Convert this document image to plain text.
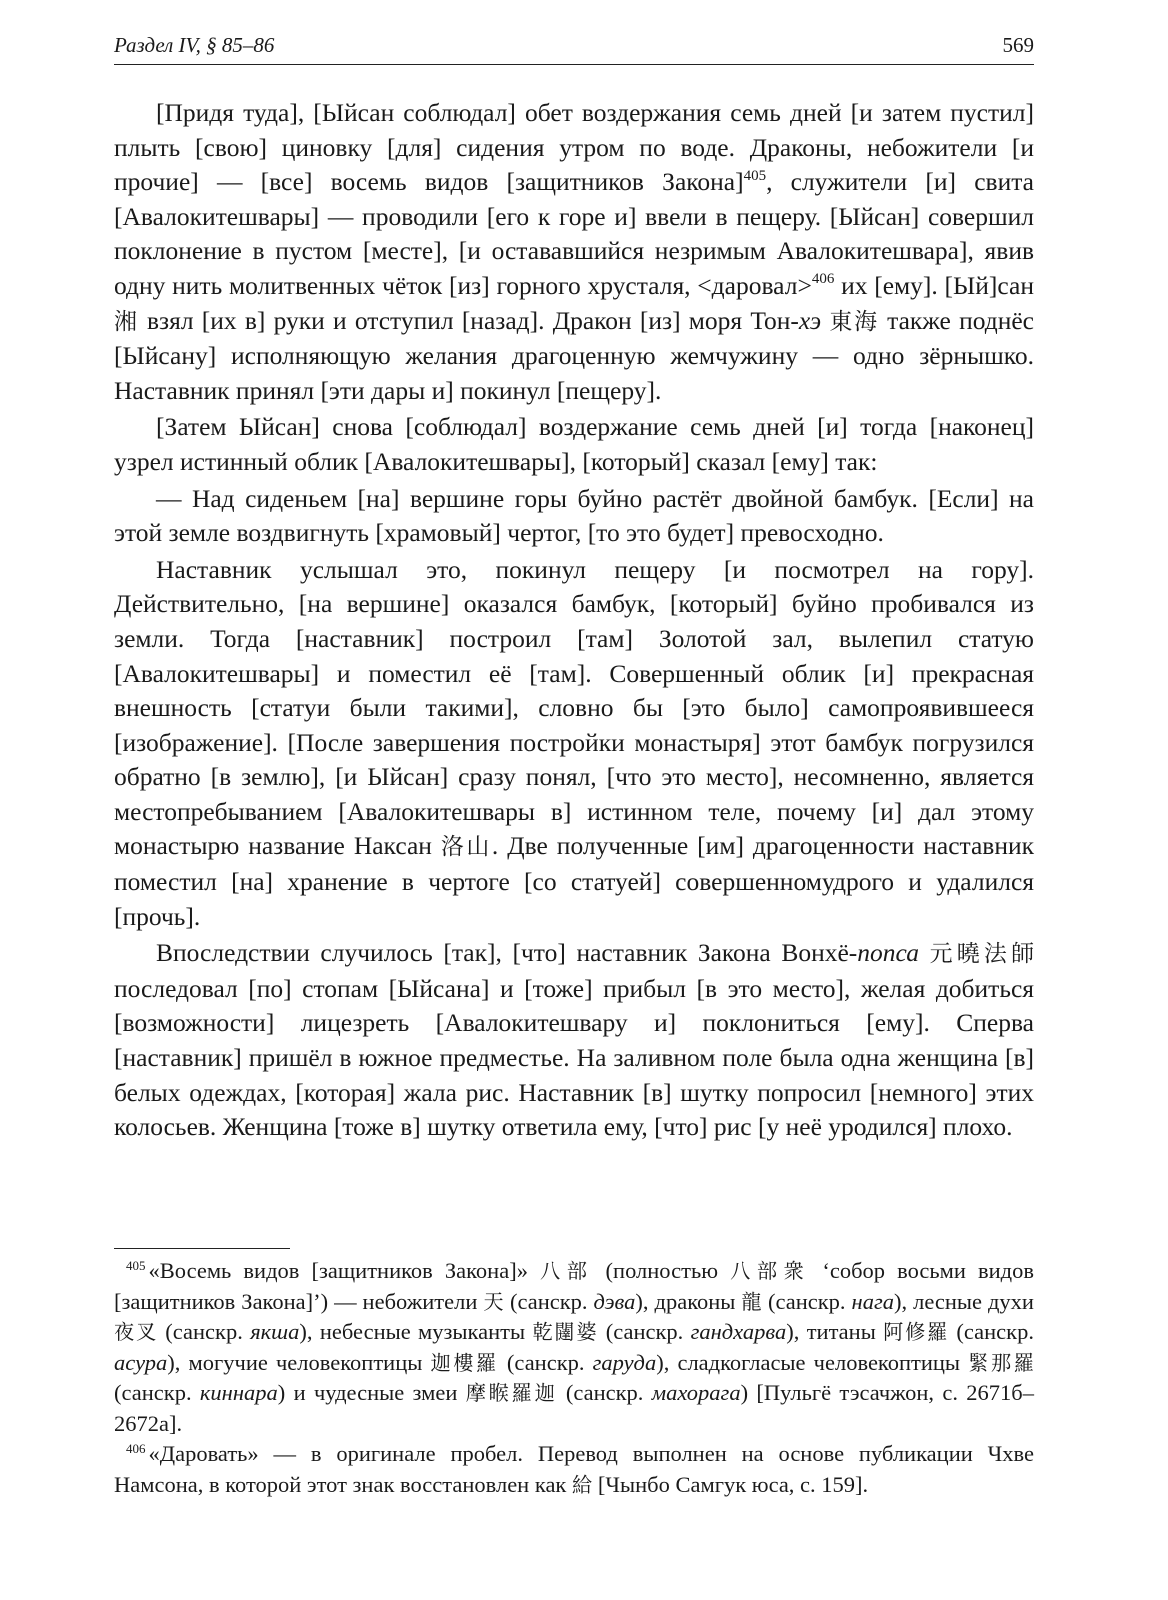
Раздел IV, § 85–86	569

[Придя туда], [Ыйсан соблюдал] обет воздержания семь дней [и затем пустил] плыть [свою] циновку [для] сидения утром по воде. Драконы, небожители [и прочие] — [все] восемь видов [защитников Закона]$^{405}$, служители [и] свита [Авалокитешвары] — проводили [его к горе и] ввели в пещеру. [Ыйсан] совершил поклонение в пустом [месте], [и остававшийся незримым Авалокитешвара], явив одну нить молитвенных чёток [из] горного хрусталя, <даровал>$^{406}$ их [ему]. [Ый]сан 湘 взял [их в] руки и отступил [назад]. Дракон [из] моря Тон-хэ 東海 также поднёс [Ыйсану] исполняющую желания драгоценную жемчужину — одно зёрнышко. Наставник принял [эти дары и] покинул [пещеру].

[Затем Ыйсан] снова [соблюдал] воздержание семь дней [и] тогда [наконец] узрел истинный облик [Авалокитешвары], [который] сказал [ему] так:

— Над сиденьем [на] вершине горы буйно растёт двойной бамбук. [Если] на этой земле воздвигнуть [храмовый] чертог, [то это будет] превосходно.

Наставник услышал это, покинул пещеру [и посмотрел на гору]. Действительно, [на вершине] оказался бамбук, [который] буйно пробивался из земли. Тогда [наставник] построил [там] Золотой зал, вылепил статую [Авалокитешвары] и поместил её [там]. Совершенный облик [и] прекрасная внешность [статуи были такими], словно бы [это было] самопроявившееся [изображение]. [После завершения постройки монастыря] этот бамбук погрузился обратно [в землю], [и Ыйсан] сразу понял, [что это место], несомненно, является местопребыванием [Авалокитешвары в] истинном теле, почему [и] дал этому монастырю название Наксан 洛山. Две полученные [им] драгоценности наставник поместил [на] хранение в чертоге [со статуей] совершенномудрого и удалился [прочь].

Впоследствии случилось [так], [что] наставник Закона Вонхё-попса 元曉法師 последовал [по] стопам [Ыйсана] и [тоже] прибыл [в это место], желая добиться [возможности] лицезреть [Авалокитешвару и] поклониться [ему]. Сперва [наставник] пришёл в южное предместье. На заливном поле была одна женщина [в] белых одеждах, [которая] жала рис. Наставник [в] шутку попросил [немного] этих колосьев. Женщина [тоже в] шутку ответила ему, [что] рис [у неё уродился] плохо.

$^{405}$ «Восемь видов [защитников Закона]» 八部 (полностью 八部衆 ‘собор восьми видов [защитников Закона]’) — небожители 天 (санскр. дэва), драконы 龍 (санскр. нага), лесные духи 夜叉 (санскр. якша), небесные музыканты 乾闥婆 (санскр. гандхарва), титаны 阿修羅 (санскр. асура), могучие человекоптицы 迦樓羅 (санскр. гаруда), сладкогласые человекоптицы 緊那羅 (санскр. киннара) и чудесные змеи 摩睺羅迦 (санскр. махорага) [Пульгё тэсачжон, с. 2671б–2672а].

$^{406}$ «Даровать» — в оригинале пробел. Перевод выполнен на основе публикации Чхве Намсона, в которой этот знак восстановлен как 給 [Чынбо Самгук юса, с. 159].
